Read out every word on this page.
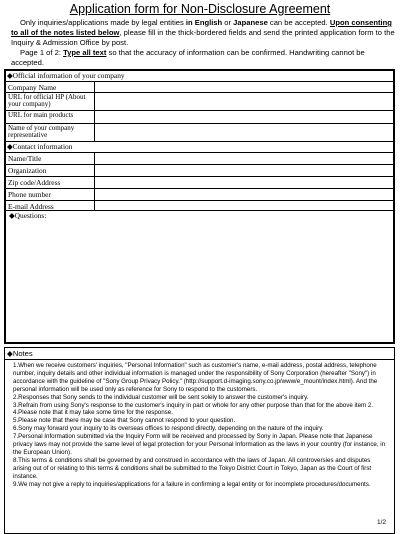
Application form for Non-Disclosure Agreement

Only inquiries/applications made by legal entities in English or Japanese can be accepted. Upon consenting to all of the notes listed below, please fill in the thick-bordered fields and send the printed application form to the Inquiry & Admission Office by post.

Page 1 of 2: Type all text so that the accuracy of information can be confirmed. Handwriting cannot be accepted.

◆Official information of your company
Company Name
URL for official HP (About your company)
URL for main products
Name of your company representative
◆Contact information
Name/Title
Organization
Zip code/Address
Phone number
E-mail Address
◆Questions:
◆Notes

1.When we receive customers' inquiries, "Personal Information" such as customer's name, e-mail address, postal address, telephone number, inquiry details and other individual information is managed under the responsibility of Sony Corporation (hereafter "Sony") in accordance with the guideline of "Sony Group Privacy Policy." (http://support.d-imaging.sony.co.jp/www/e_mount/index.html). And the personal information will be used only as reference for Sony to respond to the customers.

2.Responses that Sony sends to the individual customer will be sent solely to answer the customer's inquiry.

3.Refrain from using Sony's response to the customer's inquiry in part or whole for any other purpose than that for the above item 2.

4.Please note that it may take some time for the response.

5.Please note that there may be case that Sony cannot respond to your question.

6.Sony may forward your inquiry to its overseas offices to respond directly, depending on the nature of the inquiry.

7.Personal Information submitted via the Inquiry Form will be received and processed by Sony in Japan. Please note that Japanese privacy laws may not provide the same level of legal protection for your Personal Information as the laws in your country (for instance, in the European Union).

8.This terms & conditions shall be governed by and construed in accordance with the laws of Japan. All controversies and disputes arising out of or relating to this terms & conditions shall be submitted to the Tokyo District Court in Tokyo, Japan as the Court of first instance.

9.We may not give a reply to inquiries/applications for a failure in confirming a legal entity or for incomplete procedures/documents.

1/2
